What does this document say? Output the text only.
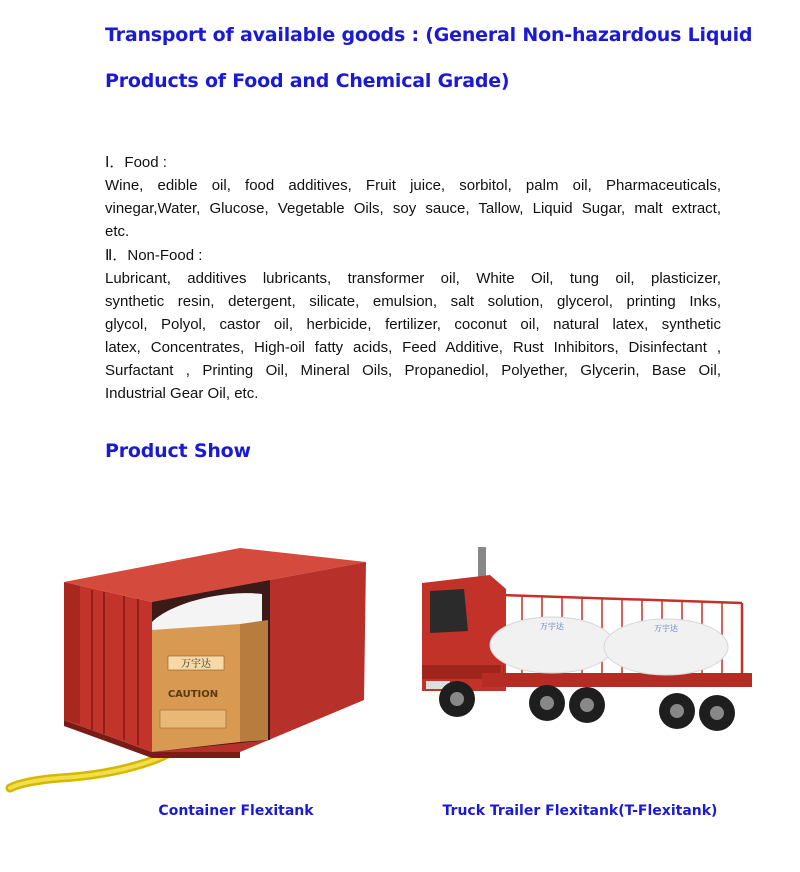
Transport of available goods : (General Non-hazardous Liquid
Products of Food and Chemical Grade)
Ⅰ．Food :
Wine, edible oil, food additives, Fruit juice, sorbitol, palm oil, Pharmaceuticals,
vinegar,Water, Glucose, Vegetable Oils, soy sauce, Tallow, Liquid Sugar, malt extract,
etc.
Ⅱ．Non-Food :
Lubricant, additives lubricants, transformer oil, White Oil, tung oil, plasticizer,
synthetic resin, detergent, silicate, emulsion, salt solution, glycerol, printing Inks,
glycol, Polyol, castor oil, herbicide, fertilizer, coconut oil, natural latex, synthetic
latex, Concentrates, High-oil fatty acids, Feed Additive, Rust Inhibitors, Disinfectant ,
Surfactant , Printing Oil, Mineral Oils, Propanediol, Polyether, Glycerin, Base Oil,
Industrial Gear Oil, etc.
Product Show
万宇达
CAUTION
万宇达	万宇达
Container Flexitank	Truck Trailer Flexitank(T-Flexitank)
